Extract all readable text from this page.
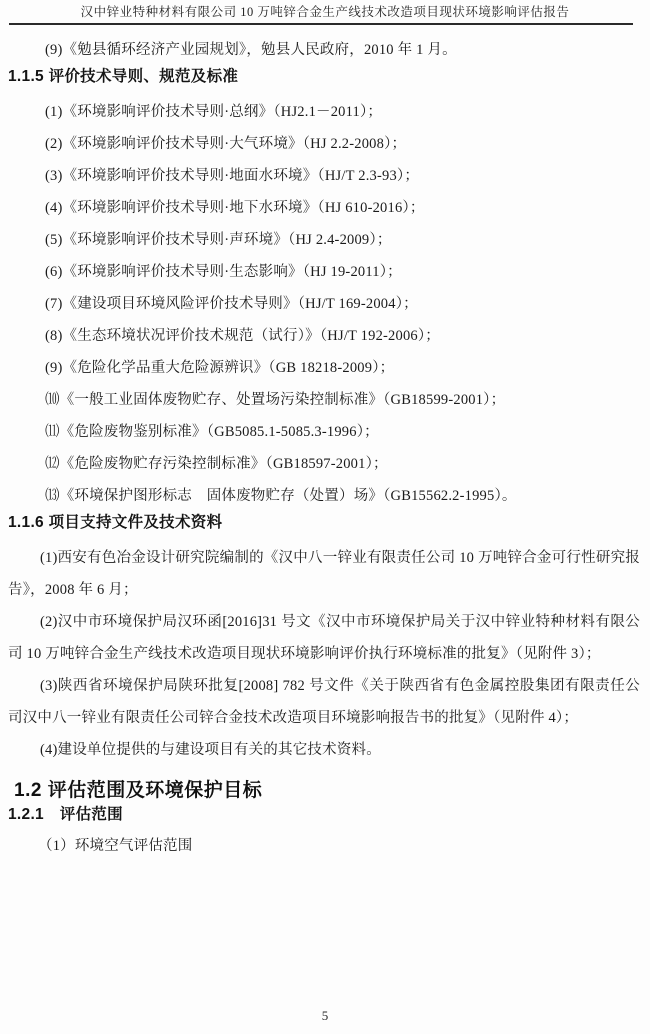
汉中锌业特种材料有限公司 10 万吨锌合金生产线技术改造项目现状环境影响评估报告

(9)《勉县循环经济产业园规划》，勉县人民政府，2010 年 1 月。

1.1.5 评价技术导则、规范及标准

(1)《环境影响评价技术导则·总纲》（HJ2.1－2011）；

(2)《环境影响评价技术导则·大气环境》（HJ 2.2-2008）；

(3)《环境影响评价技术导则·地面水环境》（HJ/T 2.3-93）；

(4)《环境影响评价技术导则·地下水环境》（HJ 610-2016）；

(5)《环境影响评价技术导则·声环境》（HJ 2.4-2009）；

(6)《环境影响评价技术导则·生态影响》（HJ 19-2011）；

(7)《建设项目环境风险评价技术导则》（HJ/T 169-2004）；

(8)《生态环境状况评价技术规范（试行）》（HJ/T 192-2006）；

(9)《危险化学品重大危险源辨识》（GB 18218-2009）；

⑽《一般工业固体废物贮存、处置场污染控制标准》（GB18599-2001）；

⑾《危险废物鉴别标准》（GB5085.1-5085.3-1996）；

⑿《危险废物贮存污染控制标准》（GB18597-2001）；

⒀《环境保护图形标志　固体废物贮存（处置）场》（GB15562.2-1995）。

1.1.6 项目支持文件及技术资料

(1)西安有色冶金设计研究院编制的《汉中八一锌业有限责任公司 10 万吨锌合金可行性研究报告》，2008 年 6 月；

(2)汉中市环境保护局汉环函[2016]31 号文《汉中市环境保护局关于汉中锌业特种材料有限公司 10 万吨锌合金生产线技术改造项目现状环境影响评价执行环境标准的批复》（见附件 3）；

(3)陕西省环境保护局陕环批复[2008] 782 号文件《关于陕西省有色金属控股集团有限责任公司汉中八一锌业有限责任公司锌合金技术改造项目环境影响报告书的批复》（见附件 4）；

(4)建设单位提供的与建设项目有关的其它技术资料。

1.2 评估范围及环境保护目标
1.2.1　评估范围

（1）环境空气评估范围

5
